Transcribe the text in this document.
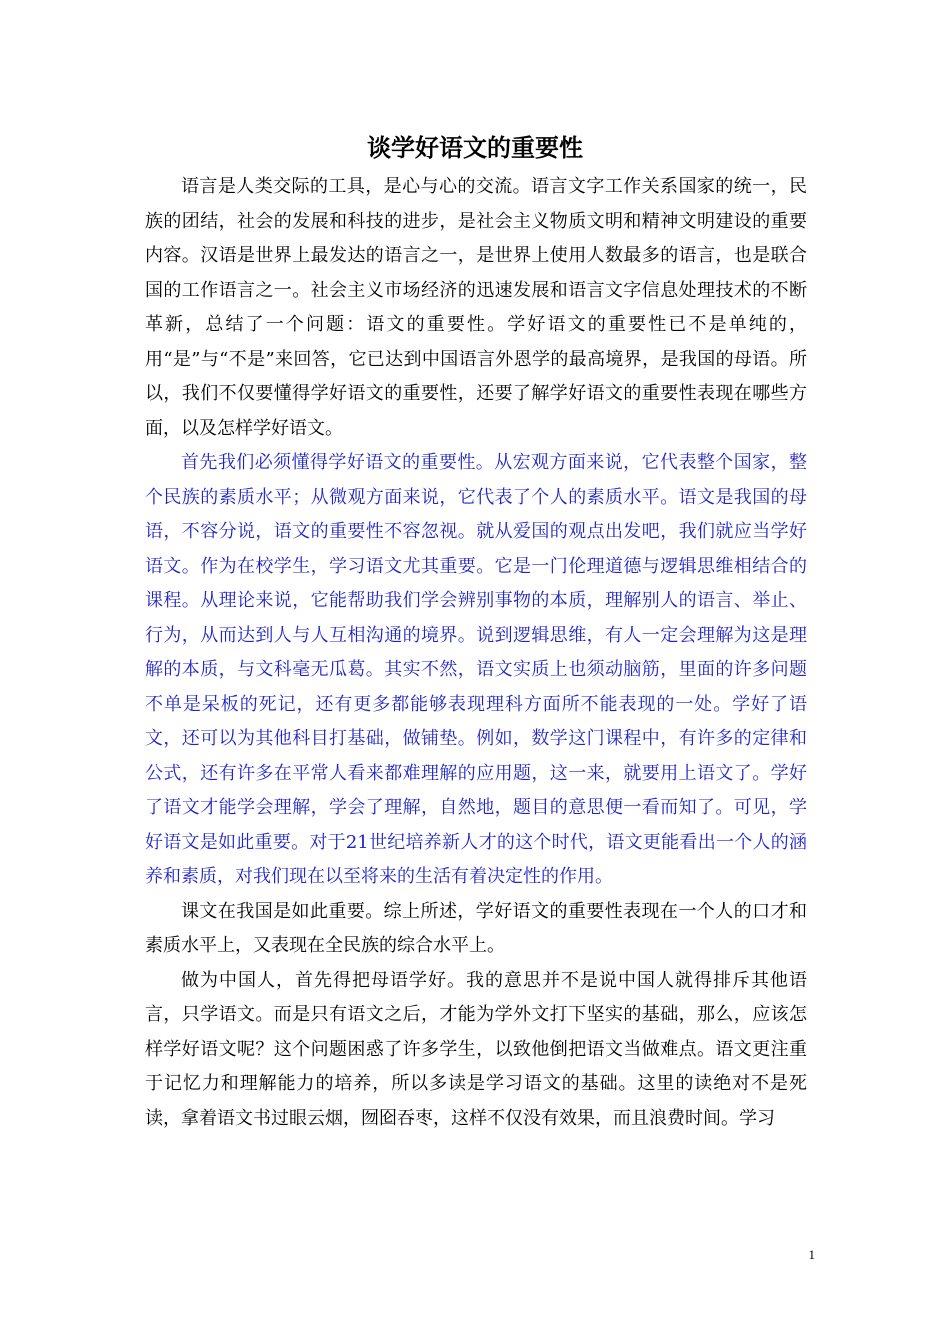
谈学好语文的重要性

语言是人类交际的工具，是心与心的交流。语言文字工作关系国家的统一，民族的团结，社会的发展和科技的进步，是社会主义物质文明和精神文明建设的重要内容。汉语是世界上最发达的语言之一，是世界上使用人数最多的语言，也是联合国的工作语言之一。社会主义市场经济的迅速发展和语言文字信息处理技术的不断革新，总结了一个问题：语文的重要性。学好语文的重要性已不是单纯的，用“是”与“不是”来回答，它已达到中国语言外恩学的最高境界，是我国的母语。所以，我们不仅要懂得学好语文的重要性，还要了解学好语文的重要性表现在哪些方面，以及怎样学好语文。

首先我们必须懂得学好语文的重要性。从宏观方面来说，它代表整个国家，整个民族的素质水平；从微观方面来说，它代表了个人的素质水平。语文是我国的母语，不容分说，语文的重要性不容忽视。就从爱国的观点出发吧，我们就应当学好语文。作为在校学生，学习语文尤其重要。它是一门伦理道德与逻辑思维相结合的课程。从理论来说，它能帮助我们学会辨别事物的本质，理解别人的语言、举止、行为，从而达到人与人互相沟通的境界。说到逻辑思维，有人一定会理解为这是理解的本质，与文科毫无瓜葛。其实不然，语文实质上也须动脑筋，里面的许多问题不单是呆板的死记，还有更多都能够表现理科方面所不能表现的一处。学好了语文，还可以为其他科目打基础，做铺垫。例如，数学这门课程中，有许多的定律和公式，还有许多在平常人看来都难理解的应用题，这一来，就要用上语文了。学好了语文才能学会理解，学会了理解，自然地，题目的意思便一看而知了。可见，学好语文是如此重要。对于21世纪培养新人才的这个时代，语文更能看出一个人的涵养和素质，对我们现在以至将来的生活有着决定性的作用。

课文在我国是如此重要。综上所述，学好语文的重要性表现在一个人的口才和素质水平上，又表现在全民族的综合水平上。

做为中国人，首先得把母语学好。我的意思并不是说中国人就得排斥其他语言，只学语文。而是只有语文之后，才能为学外文打下坚实的基础，那么，应该怎样学好语文呢？这个问题困惑了许多学生，以致他倒把语文当做难点。语文更注重于记忆力和理解能力的培养，所以多读是学习语文的基础。这里的读绝对不是死读，拿着语文书过眼云烟，囫囵吞枣，这样不仅没有效果，而且浪费时间。学习

1
